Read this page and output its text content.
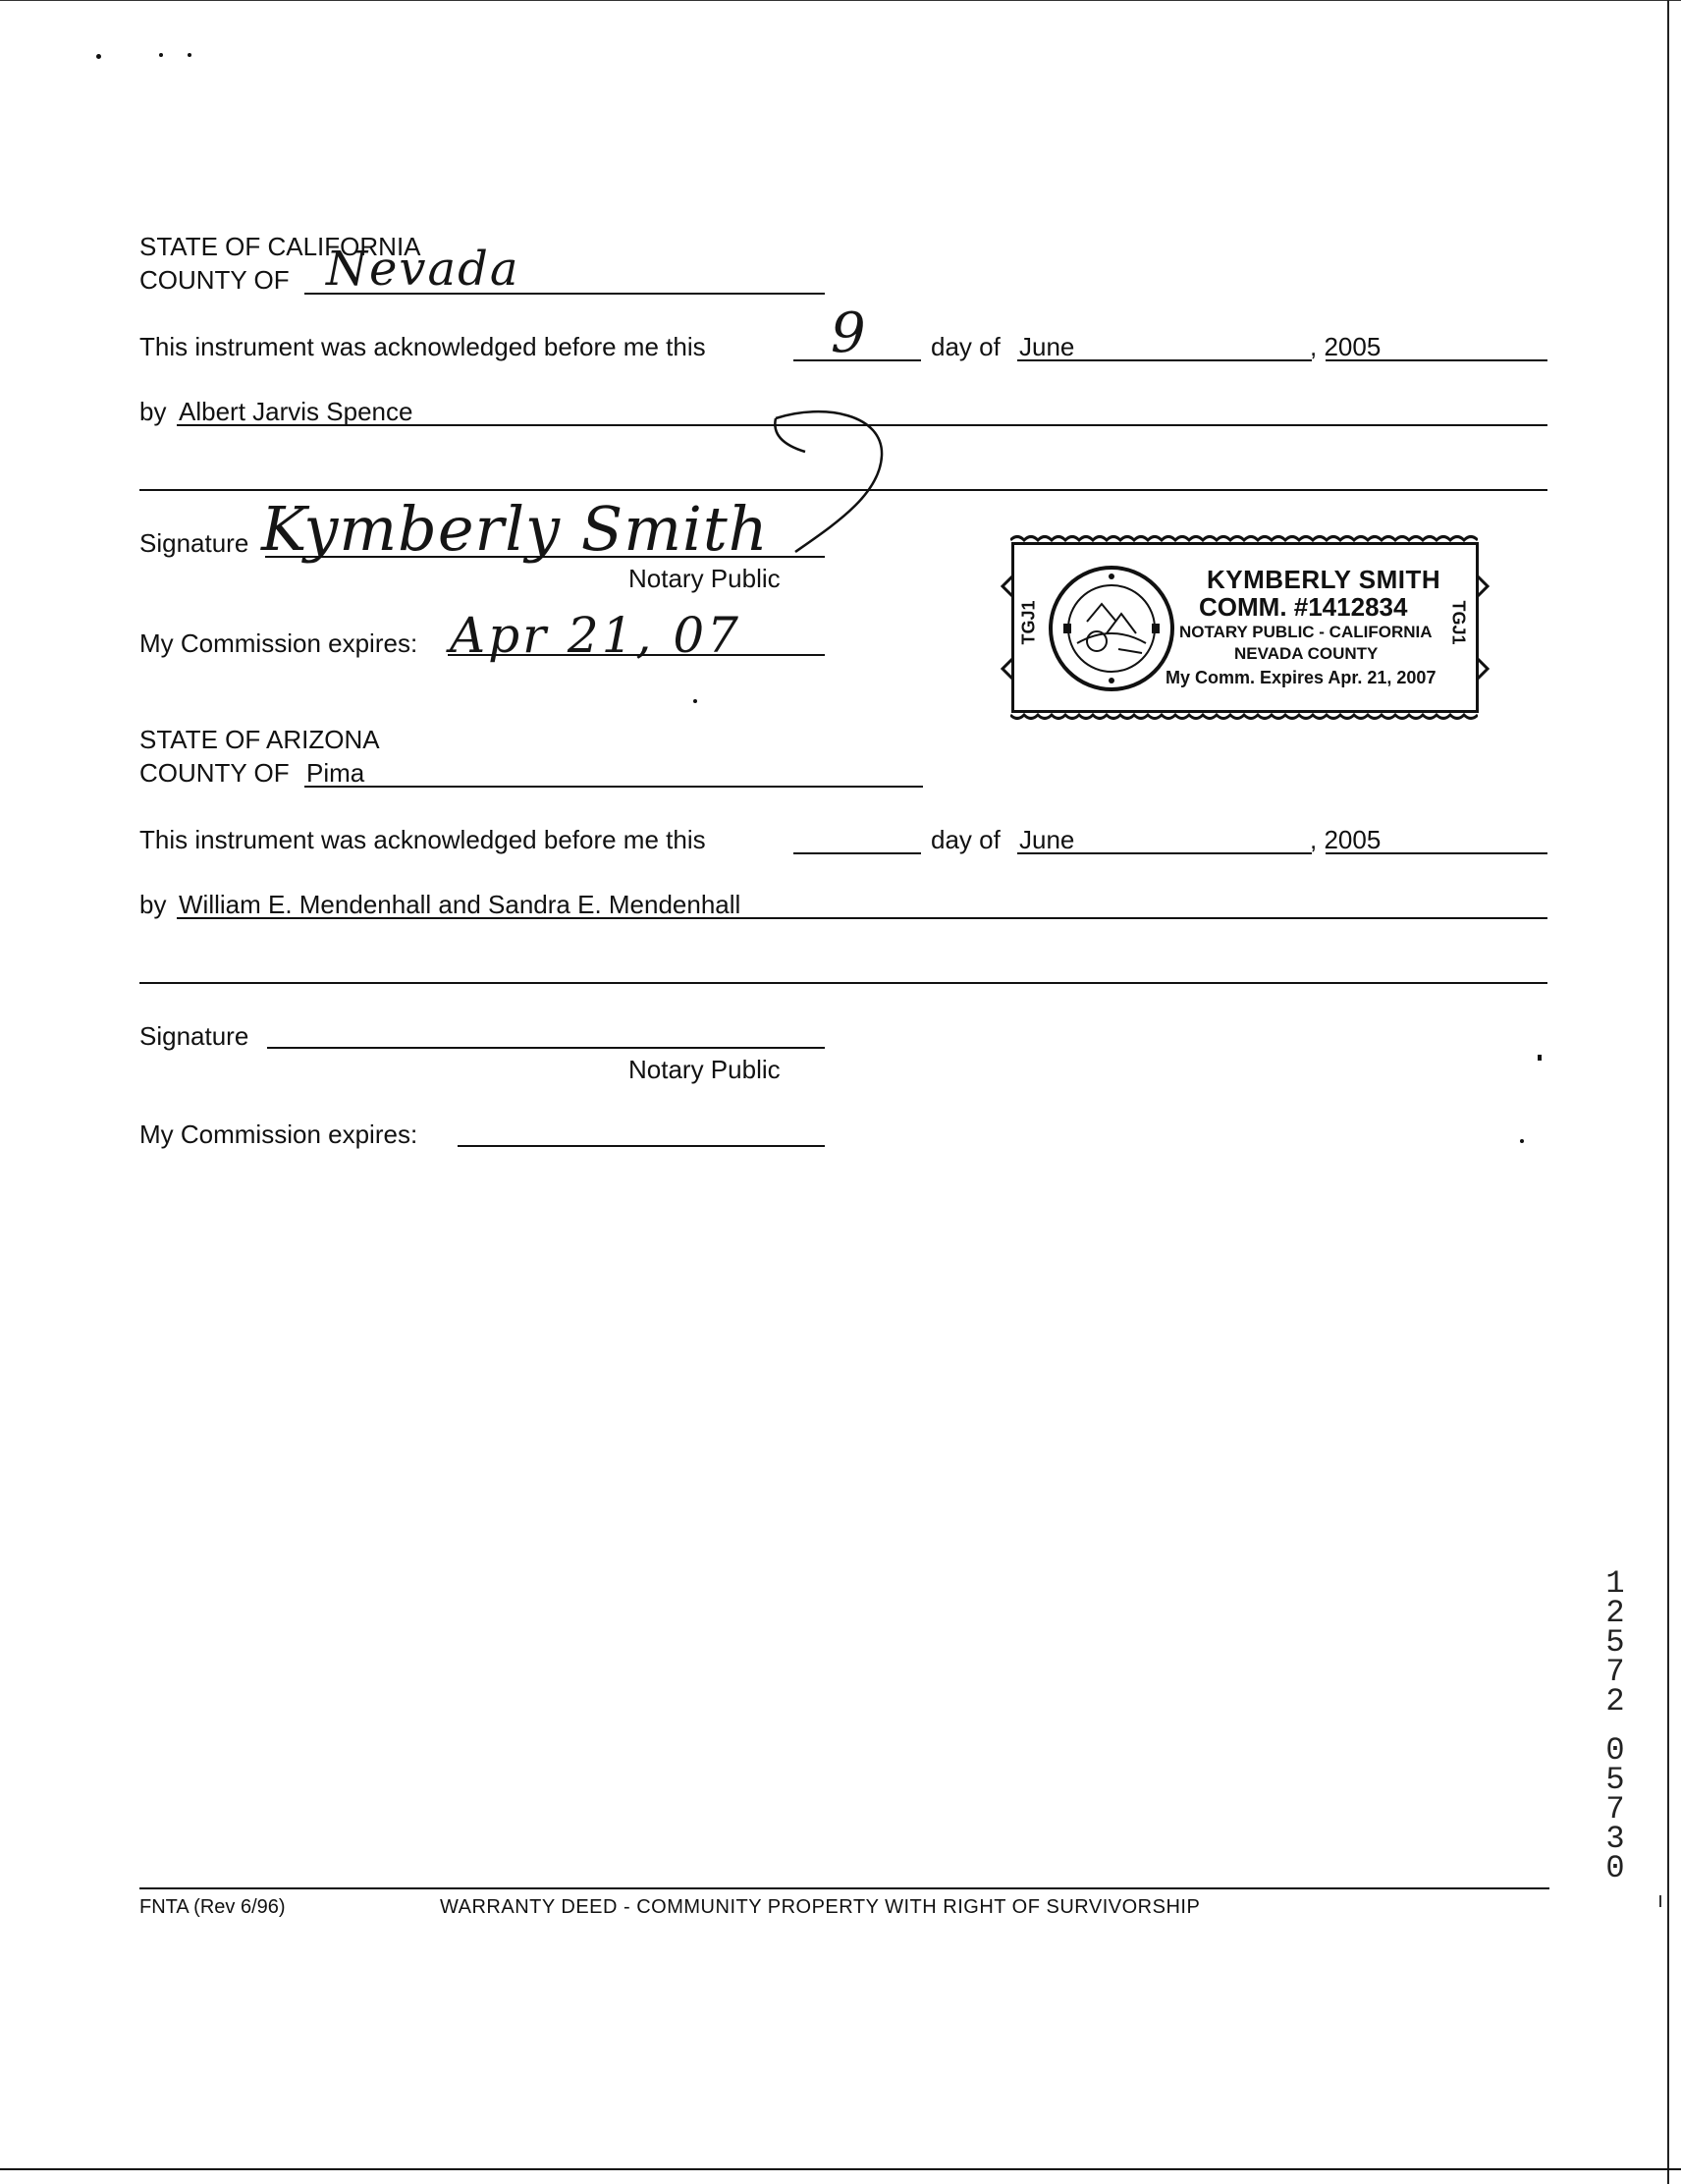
STATE OF CALIFORNIA
COUNTY OF Nevada
This instrument was acknowledged before me this 9	day of June	, 2005
by Albert Jarvis Spence
Signature Kymberly Smith
Notary Public
My Commission expires: Apr 21, 07	TGJ1	TGJ1
KYMBERLY SMITH
COMM. #1412834
NOTARY PUBLIC - CALIFORNIA
NEVADA COUNTY
My Comm. Expires Apr. 21, 2007
STATE OF ARIZONA
COUNTY OF Pima
This instrument was acknowledged before me this	day of June	, 2005
by William E. Mendenhall and Sandra E. Mendenhall
Signature
Notary Public
My Commission expires:
1
2
5
7
2
0
5
7
3
0
FNTA (Rev 6/96)	WARRANTY DEED - COMMUNITY PROPERTY WITH RIGHT OF SURVIVORSHIP
